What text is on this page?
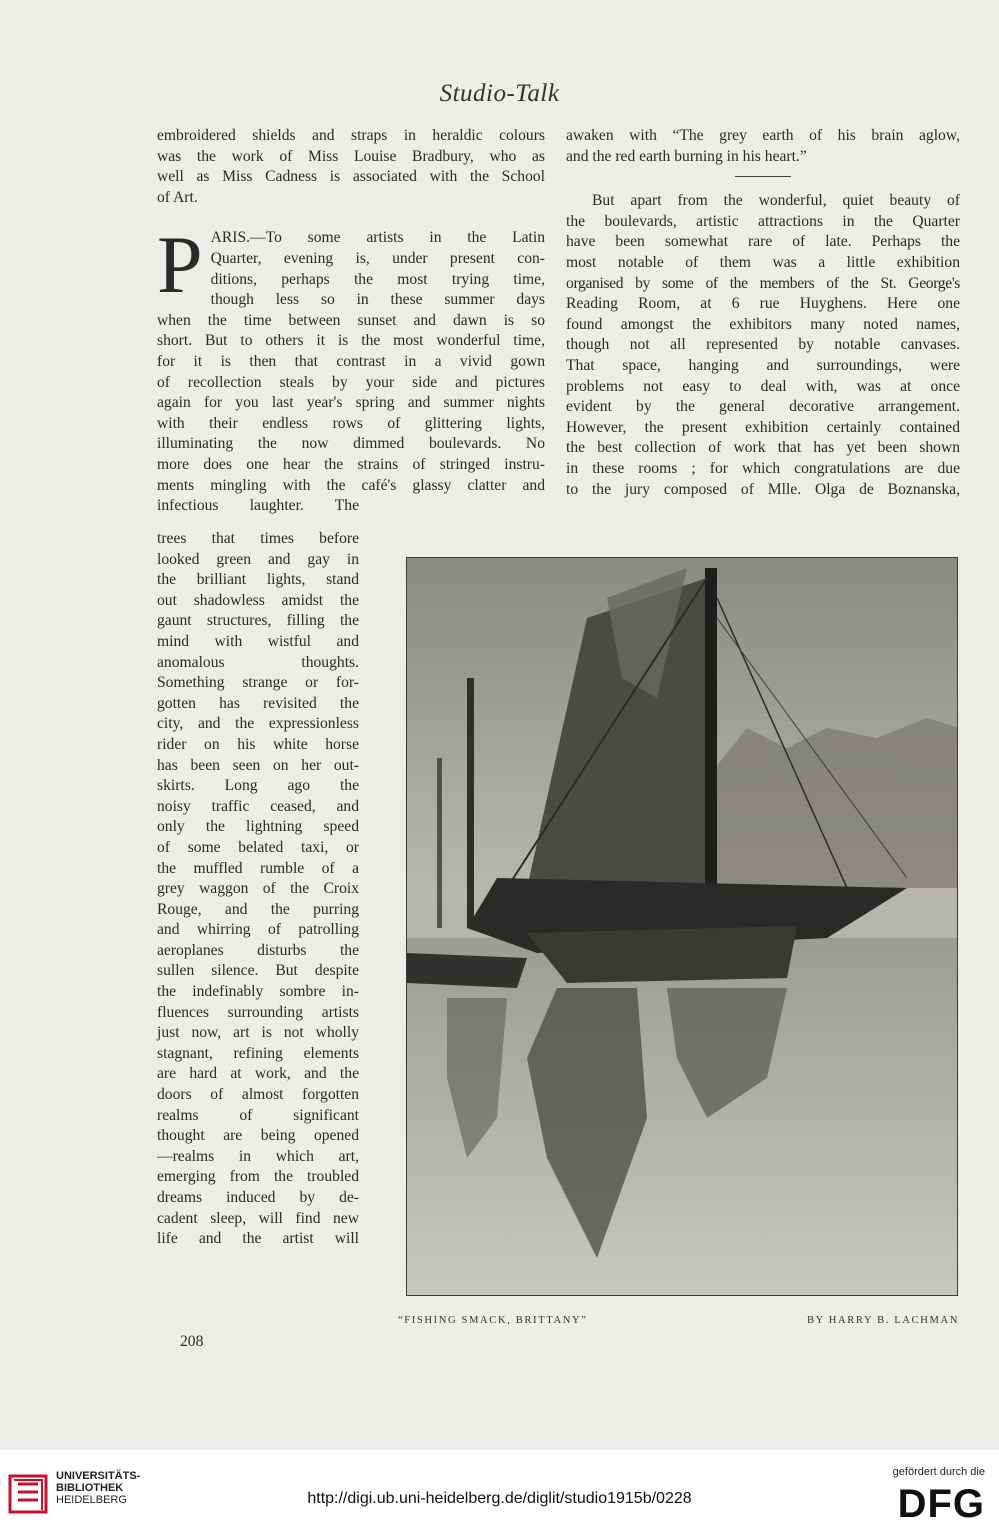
Studio-Talk
embroidered shields and straps in heraldic colours
was the work of Miss Louise Bradbury, who as
well as Miss Cadness is associated with the School
of Art.
P ARIS.—To some artists in the Latin
Quarter, evening is, under present con-
ditions, perhaps the most trying time,
though less so in these summer days
when the time between sunset and dawn is so
short. But to others it is the most wonderful time,
for it is then that contrast in a vivid gown
of recollection steals by your side and pictures
again for you last year's spring and summer nights
with their endless rows of glittering lights,
illuminating the now dimmed boulevards. No
more does one hear the strains of stringed instru-
ments mingling with the café's glassy clatter and
infectious laughter. The
trees that times before
looked green and gay in
the brilliant lights, stand
out shadowless amidst the
gaunt structures, filling the
mind with wistful and
anomalous thoughts.
Something strange or for-
gotten has revisited the
city, and the expressionless
rider on his white horse
has been seen on her out-
skirts. Long ago the
noisy traffic ceased, and
only the lightning speed
of some belated taxi, or
the muffled rumble of a
grey waggon of the Croix
Rouge, and the purring
and whirring of patrolling
aeroplanes disturbs the
sullen silence. But despite
the indefinably sombre in-
fluences surrounding artists
just now, art is not wholly
stagnant, refining elements
are hard at work, and the
doors of almost forgotten
realms of significant
thought are being opened
—realms in which art,
emerging from the troubled
dreams induced by de-
cadent sleep, will find new
life and the artist will
awaken with “The grey earth of his brain aglow,
and the red earth burning in his heart.”
But apart from the wonderful, quiet beauty of
the boulevards, artistic attractions in the Quarter
have been somewhat rare of late. Perhaps the
most notable of them was a little exhibition
organised by some of the members of the St. George's
Reading Room, at 6 rue Huyghens. Here one
found amongst the exhibitors many noted names,
though not all represented by notable canvases.
That space, hanging and surroundings, were
problems not easy to deal with, was at once
evident by the general decorative arrangement.
However, the present exhibition certainly contained
the best collection of work that has yet been shown
in these rooms ; for which congratulations are due
to the jury composed of Mlle. Olga de Boznanska,
“FISHING SMACK, BRITTANY”	BY HARRY B. LACHMAN
208
UNIVERSITÄTS-
BIBLIOTHEK
HEIDELBERG	http://digi.ub.uni-heidelberg.de/diglit/studio1915b/0228
gefördert durch die
DFG
